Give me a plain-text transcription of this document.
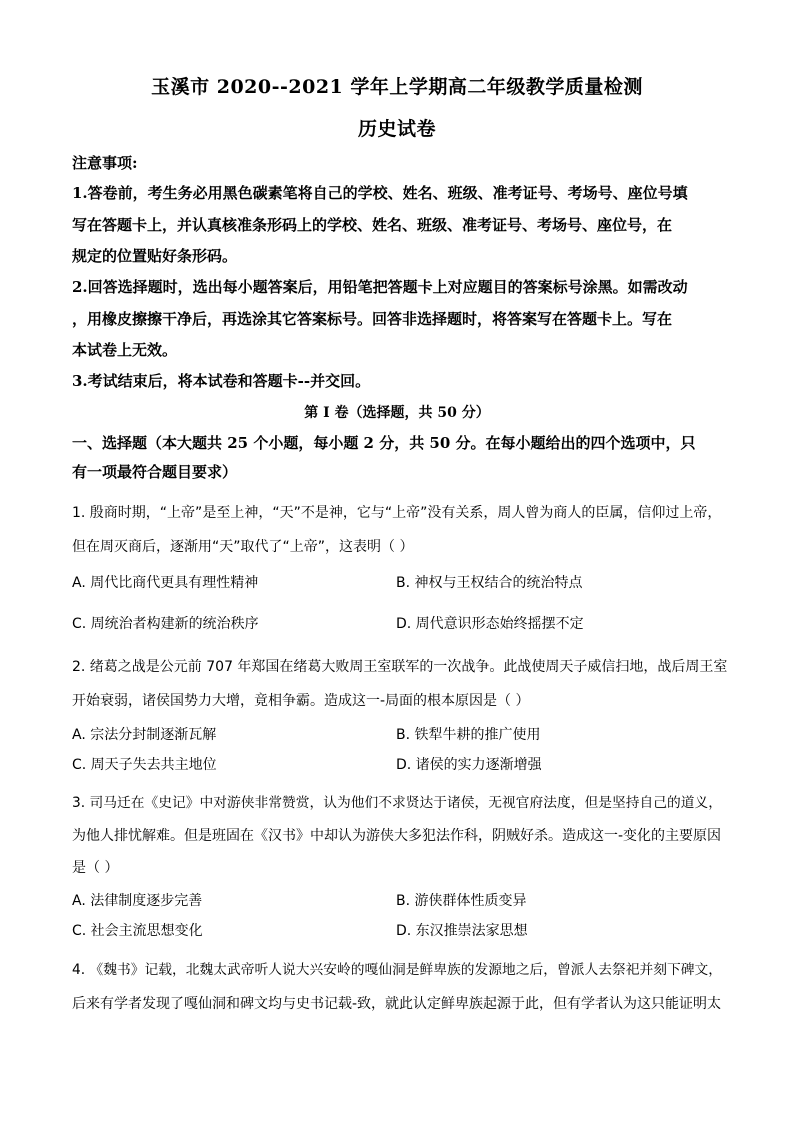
玉溪市 2020--2021 学年上学期高二年级教学质量检测
历史试卷
注意事项:
1.答卷前，考生务必用黑色碳素笔将自己的学校、姓名、班级、准考证号、考场号、座位号填
写在答题卡上，并认真核准条形码上的学校、姓名、班级、准考证号、考场号、座位号，在
规定的位置贴好条形码。
2.回答选择题时，选出每小题答案后，用铅笔把答题卡上对应题目的答案标号涂黑。如需改动
，用橡皮擦擦干净后，再选涂其它答案标号。回答非选择题时，将答案写在答题卡上。写在
本试卷上无效。
3.考试结束后，将本试卷和答题卡--并交回。
第 I 卷（选择题，共 50 分）
一、选择题（本大题共 25 个小题，每小题 2 分，共 50 分。在每小题给出的四个选项中，只
有一项最符合题目要求）
1. 殷商时期，“上帝”是至上神，“天”不是神，它与“上帝”没有关系，周人曾为商人的臣属，信仰过上帝，
但在周灭商后，逐渐用“天”取代了“上帝”，这表明（ ）
A. 周代比商代更具有理性精神	B. 神权与王权结合的统治特点
C. 周统治者构建新的统治秩序	D. 周代意识形态始终摇摆不定
2. 绪葛之战是公元前 707 年郑国在绪葛大败周王室联军的一次战争。此战使周天子威信扫地，战后周王室
开始衰弱，诸侯国势力大增，竟相争霸。造成这一-局面的根本原因是（ ）
A. 宗法分封制逐渐瓦解	B. 铁犁牛耕的推广使用
C. 周天子失去共主地位	D. 诸侯的实力逐渐增强
3. 司马迁在《史记》中对游侠非常赞赏，认为他们不求贤达于诸侯，无视官府法度，但是坚持自己的道义，
为他人排忧解难。但是班固在《汉书》中却认为游侠大多犯法作科，阴贼好杀。造成这一-变化的主要原因
是（ ）
A. 法律制度逐步完善	B. 游侠群体性质变异
C. 社会主流思想变化	D. 东汉推崇法家思想
4. 《魏书》记载，北魏太武帝听人说大兴安岭的嘎仙洞是鲜卑族的发源地之后，曾派人去祭祀并刻下碑文，
后来有学者发现了嘎仙洞和碑文均与史书记载-致，就此认定鲜卑族起源于此，但有学者认为这只能证明太
